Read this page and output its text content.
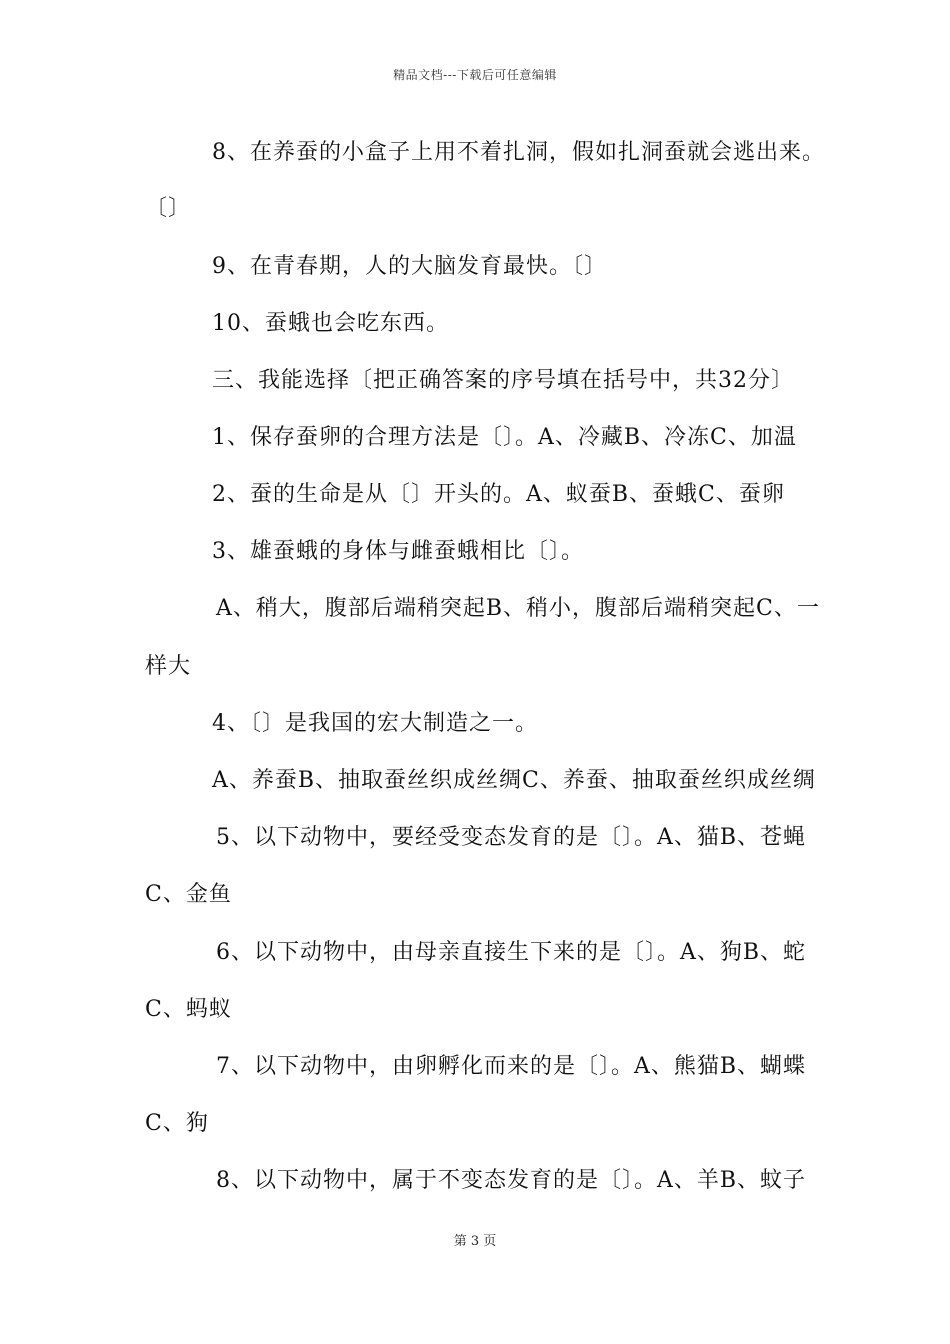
精品文档---下载后可任意编辑
8、在养蚕的小盒子上用不着扎洞，假如扎洞蚕就会逃出来。
〔〕
9、在青春期，人的大脑发育最快。〔〕
10、蚕蛾也会吃东西。
三、我能选择〔把正确答案的序号填在括号中，共32分〕
1、保存蚕卵的合理方法是〔〕。A、冷藏B、冷冻C、加温
2、蚕的生命是从〔〕开头的。A、蚁蚕B、蚕蛾C、蚕卵
3、雄蚕蛾的身体与雌蚕蛾相比〔〕。
A、稍大，腹部后端稍突起B、稍小，腹部后端稍突起C、一
样大
4、〔〕是我国的宏大制造之一。
A、养蚕B、抽取蚕丝织成丝绸C、养蚕、抽取蚕丝织成丝绸
5、以下动物中，要经受变态发育的是〔〕。A、猫B、苍蝇
C、金鱼
6、以下动物中，由母亲直接生下来的是〔〕。A、狗B、蛇
C、蚂蚁
7、以下动物中，由卵孵化而来的是〔〕。A、熊猫B、蝴蝶
C、狗
8、以下动物中，属于不变态发育的是〔〕。A、羊B、蚊子
第 3 页
